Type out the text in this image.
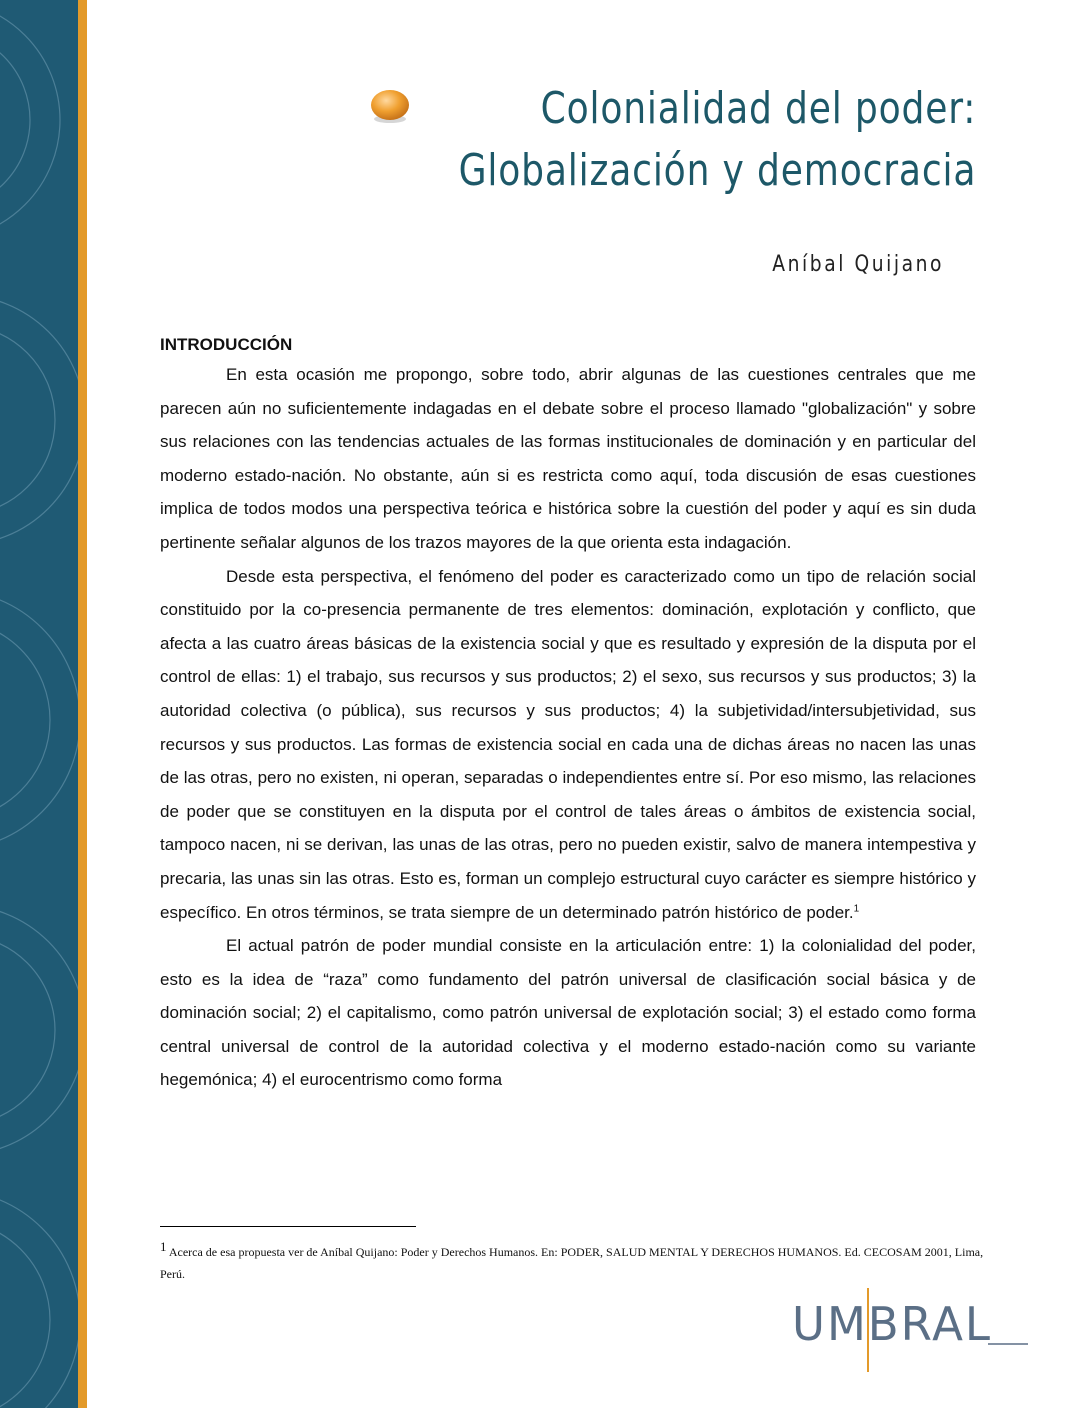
Colonialidad del poder:
Globalización y democracia
Aníbal Quijano

INTRODUCCIÓN

En esta ocasión me propongo, sobre todo, abrir algunas de las cuestiones centrales que me parecen aún no suficientemente indagadas en el debate sobre el proceso llamado "globalización" y sobre sus relaciones con las tendencias actuales de las formas institucionales de dominación y en particular del moderno estado-nación. No obstante, aún si es restricta como aquí, toda discusión de esas cuestiones implica de todos modos una perspectiva teórica e histórica sobre la cuestión del poder y aquí es sin duda pertinente señalar algunos de los trazos mayores de la que orienta esta indagación.

Desde esta perspectiva, el fenómeno del poder es caracterizado como un tipo de relación social constituido por la co-presencia permanente de tres elementos: dominación, explotación y conflicto, que afecta a las cuatro áreas básicas de la existencia social y que es resultado y expresión de la disputa por el control de ellas: 1) el trabajo, sus recursos y sus productos; 2) el sexo, sus recursos y sus productos; 3) la autoridad colectiva (o pública), sus recursos y sus productos; 4) la subjetividad/intersubjetividad, sus recursos y sus productos. Las formas de existencia social en cada una de dichas áreas no nacen las unas de las otras, pero no existen, ni operan, separadas o independientes entre sí. Por eso mismo, las relaciones de poder que se constituyen en la disputa por el control de tales áreas o ámbitos de existencia social, tampoco nacen, ni se derivan, las unas de las otras, pero no pueden existir, salvo de manera intempestiva y precaria, las unas sin las otras. Esto es, forman un complejo estructural cuyo carácter es siempre histórico y específico. En otros términos, se trata siempre de un determinado patrón histórico de poder.$^1$

El actual patrón de poder mundial consiste en la articulación entre: 1) la colonialidad del poder, esto es la idea de “raza” como fundamento del patrón universal de clasificación social básica y de dominación social; 2) el capitalismo, como patrón universal de explotación social; 3) el estado como forma central universal de control de la autoridad colectiva y el moderno estado-nación como su variante hegemónica; 4) el eurocentrismo como forma

1 Acerca de esa propuesta ver de Aníbal Quijano: Poder y Derechos Humanos. En: PODER, SALUD MENTAL Y DERECHOS HUMANOS. Ed. CECOSAM 2001, Lima, Perú.
UMBRAL
